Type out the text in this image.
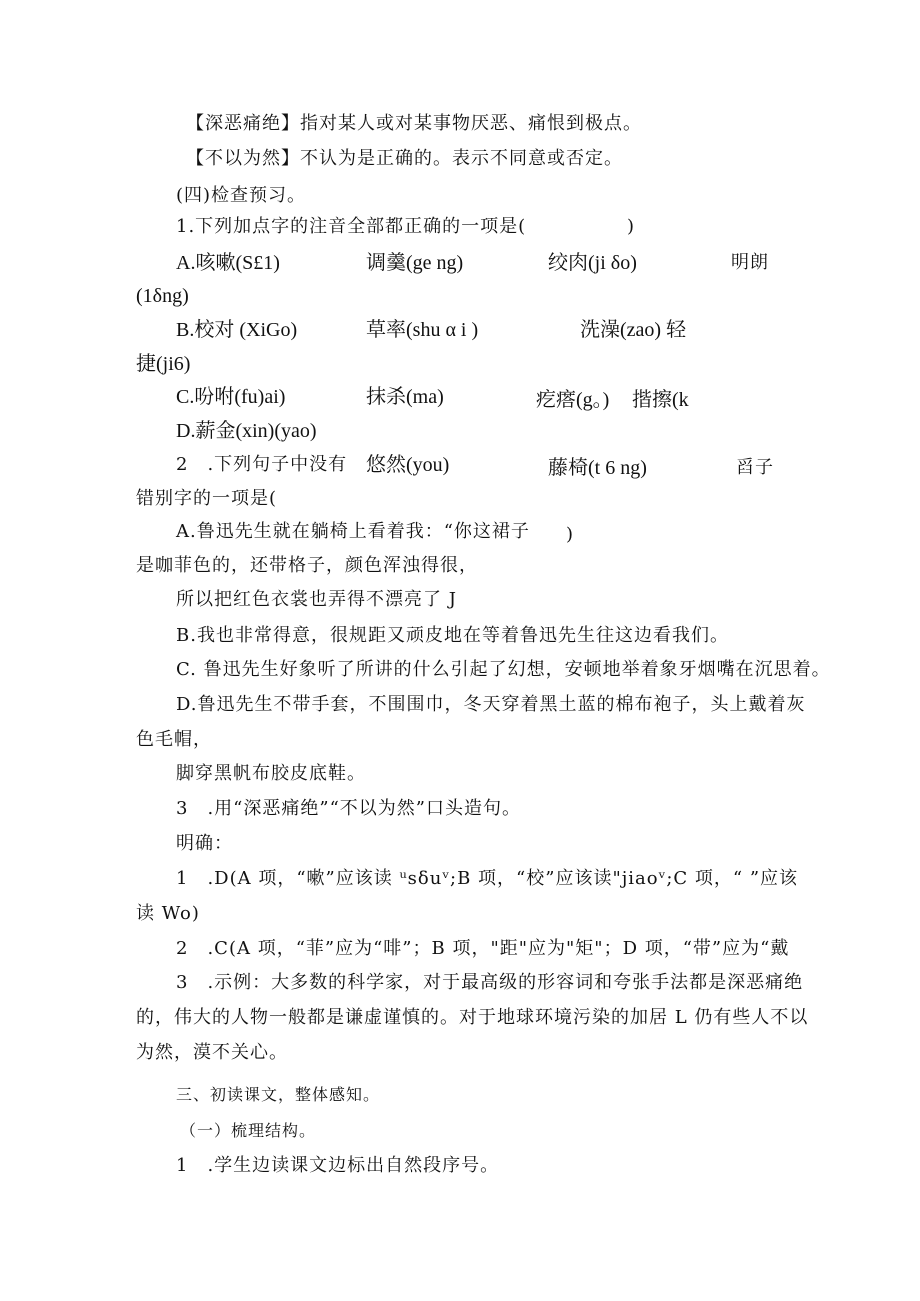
【深恶痛绝】指对某人或对某事物厌恶、痛恨到极点。
【不以为然】不认为是正确的。表示不同意或否定。
(四)检查预习。
1.下列加点字的注音全部都正确的一项是(	)
A.咳嗽(S£1)	调羹(ge ng)	绞肉(ji δo)	明朗
(1δng)
B.校对 (XiGo)	草率(shu α i )	洗澡(zao) 轻
捷(ji6)
C.吩咐(fu)ai)	抹杀(ma)	疙瘩(g。) 揩擦(k
D.薪金(xin)(yao)
2　.下列句子中没有 悠然(you)	藤椅(t 6 ng)	舀子
错别字的一项是(
A.鲁迅先生就在躺椅上看着我：“你这裙子 )
是咖菲色的，还带格子，颜色浑浊得很，
所以把红色衣裳也弄得不漂亮了 J
B.我也非常得意，很规距又顽皮地在等着鲁迅先生往这边看我们。
C. 鲁迅先生好象听了所讲的什么引起了幻想，安顿地举着象牙烟嘴在沉思着。
D.鲁迅先生不带手套，不围围巾，冬天穿着黑土蓝的棉布袍子，头上戴着灰
色毛帽，
脚穿黑帆布胶皮底鞋。
3　.用“深恶痛绝”“不以为然”口头造句。
明确：
1　.D(A 项，“嗽”应该读 ᵘsδuᵛ;B 项，“校”应该读"jiaoᵛ;C 项，“ ”应该
读 Wo)
2　.C(A 项，“菲”应为“啡”；B 项，"距"应为"矩"；D 项，“带”应为“戴
3　.示例：大多数的科学家，对于最高级的形容词和夸张手法都是深恶痛绝
的，伟大的人物一般都是谦虚谨慎的。对于地球环境污染的加居 L 仍有些人不以
为然，漠不关心。
三、初读课文，整体感知。
（一）梳理结构。
1　.学生边读课文边标出自然段序号。
